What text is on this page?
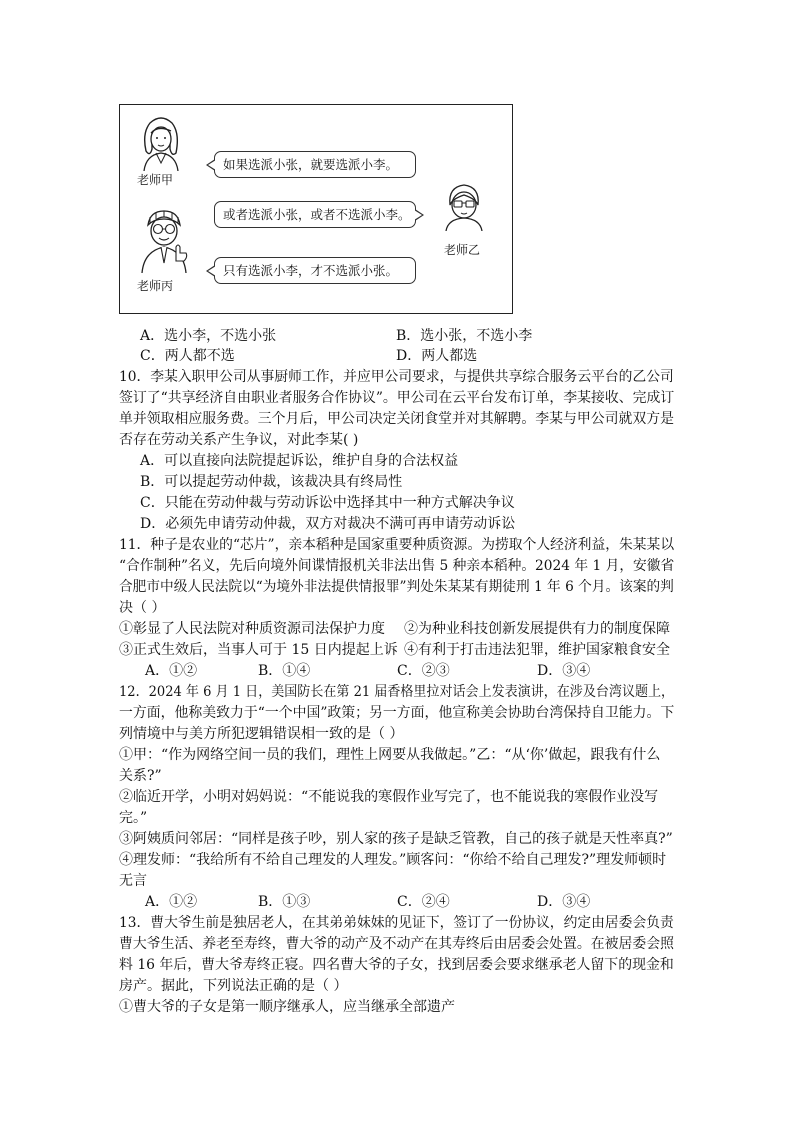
老师甲
如果选派小张，就要选派小李。
或者选派小张，或者不选派小李。
老师乙
老师丙
只有选派小李，才不选派小张。
A．选小李，不选小张	B．选小张，不选小李
C．两人都不选	D．两人都选
10．李某入职甲公司从事厨师工作，并应甲公司要求，与提供共享综合服务云平台的乙公司
签订了“共享经济自由职业者服务合作协议”。甲公司在云平台发布订单，李某接收、完成订
单并领取相应服务费。三个月后，甲公司决定关闭食堂并对其解聘。李某与甲公司就双方是
否存在劳动关系产生争议，对此李某( )
A．可以直接向法院提起诉讼，维护自身的合法权益
B．可以提起劳动仲裁，该裁决具有终局性
C．只能在劳动仲裁与劳动诉讼中选择其中一种方式解决争议
D．必须先申请劳动仲裁，双方对裁决不满可再申请劳动诉讼
11．种子是农业的“芯片”，亲本稻种是国家重要种质资源。为捞取个人经济利益，朱某某以
“合作制种”名义，先后向境外间谍情报机关非法出售 5 种亲本稻种。2024 年 1 月，安徽省
合肥市中级人民法院以“为境外非法提供情报罪”判处朱某某有期徒刑 1 年 6 个月。该案的判
决（ ）
①彰显了人民法院对种质资源司法保护力度 ②为种业科技创新发展提供有力的制度保障
③正式生效后，当事人可于 15 日内提起上诉 ④有利于打击违法犯罪，维护国家粮食安全
A．①②	B．①④	C．②③	D．③④
12．2024 年 6 月 1 日，美国防长在第 21 届香格里拉对话会上发表演讲，在涉及台湾议题上，
一方面，他称美致力于“一个中国”政策；另一方面，他宣称美会协助台湾保持自卫能力。下
列情境中与美方所犯逻辑错误相一致的是（ ）
①甲：“作为网络空间一员的我们，理性上网要从我做起。”乙：“从‘你’做起，跟我有什么
关系?”
②临近开学，小明对妈妈说：“不能说我的寒假作业写完了，也不能说我的寒假作业没写
完。”
③阿姨质问邻居：“同样是孩子吵，别人家的孩子是缺乏管教，自己的孩子就是天性率真?”
④理发师：“我给所有不给自己理发的人理发。”顾客问：“你给不给自己理发?”理发师顿时
无言
A．①②	B．①③	C．②④	D．③④
13．曹大爷生前是独居老人，在其弟弟妹妹的见证下，签订了一份协议，约定由居委会负责
曹大爷生活、养老至寿终，曹大爷的动产及不动产在其寿终后由居委会处置。在被居委会照
料 16 年后，曹大爷寿终正寝。四名曹大爷的子女，找到居委会要求继承老人留下的现金和
房产。据此，下列说法正确的是（ ）
①曹大爷的子女是第一顺序继承人，应当继承全部遗产
